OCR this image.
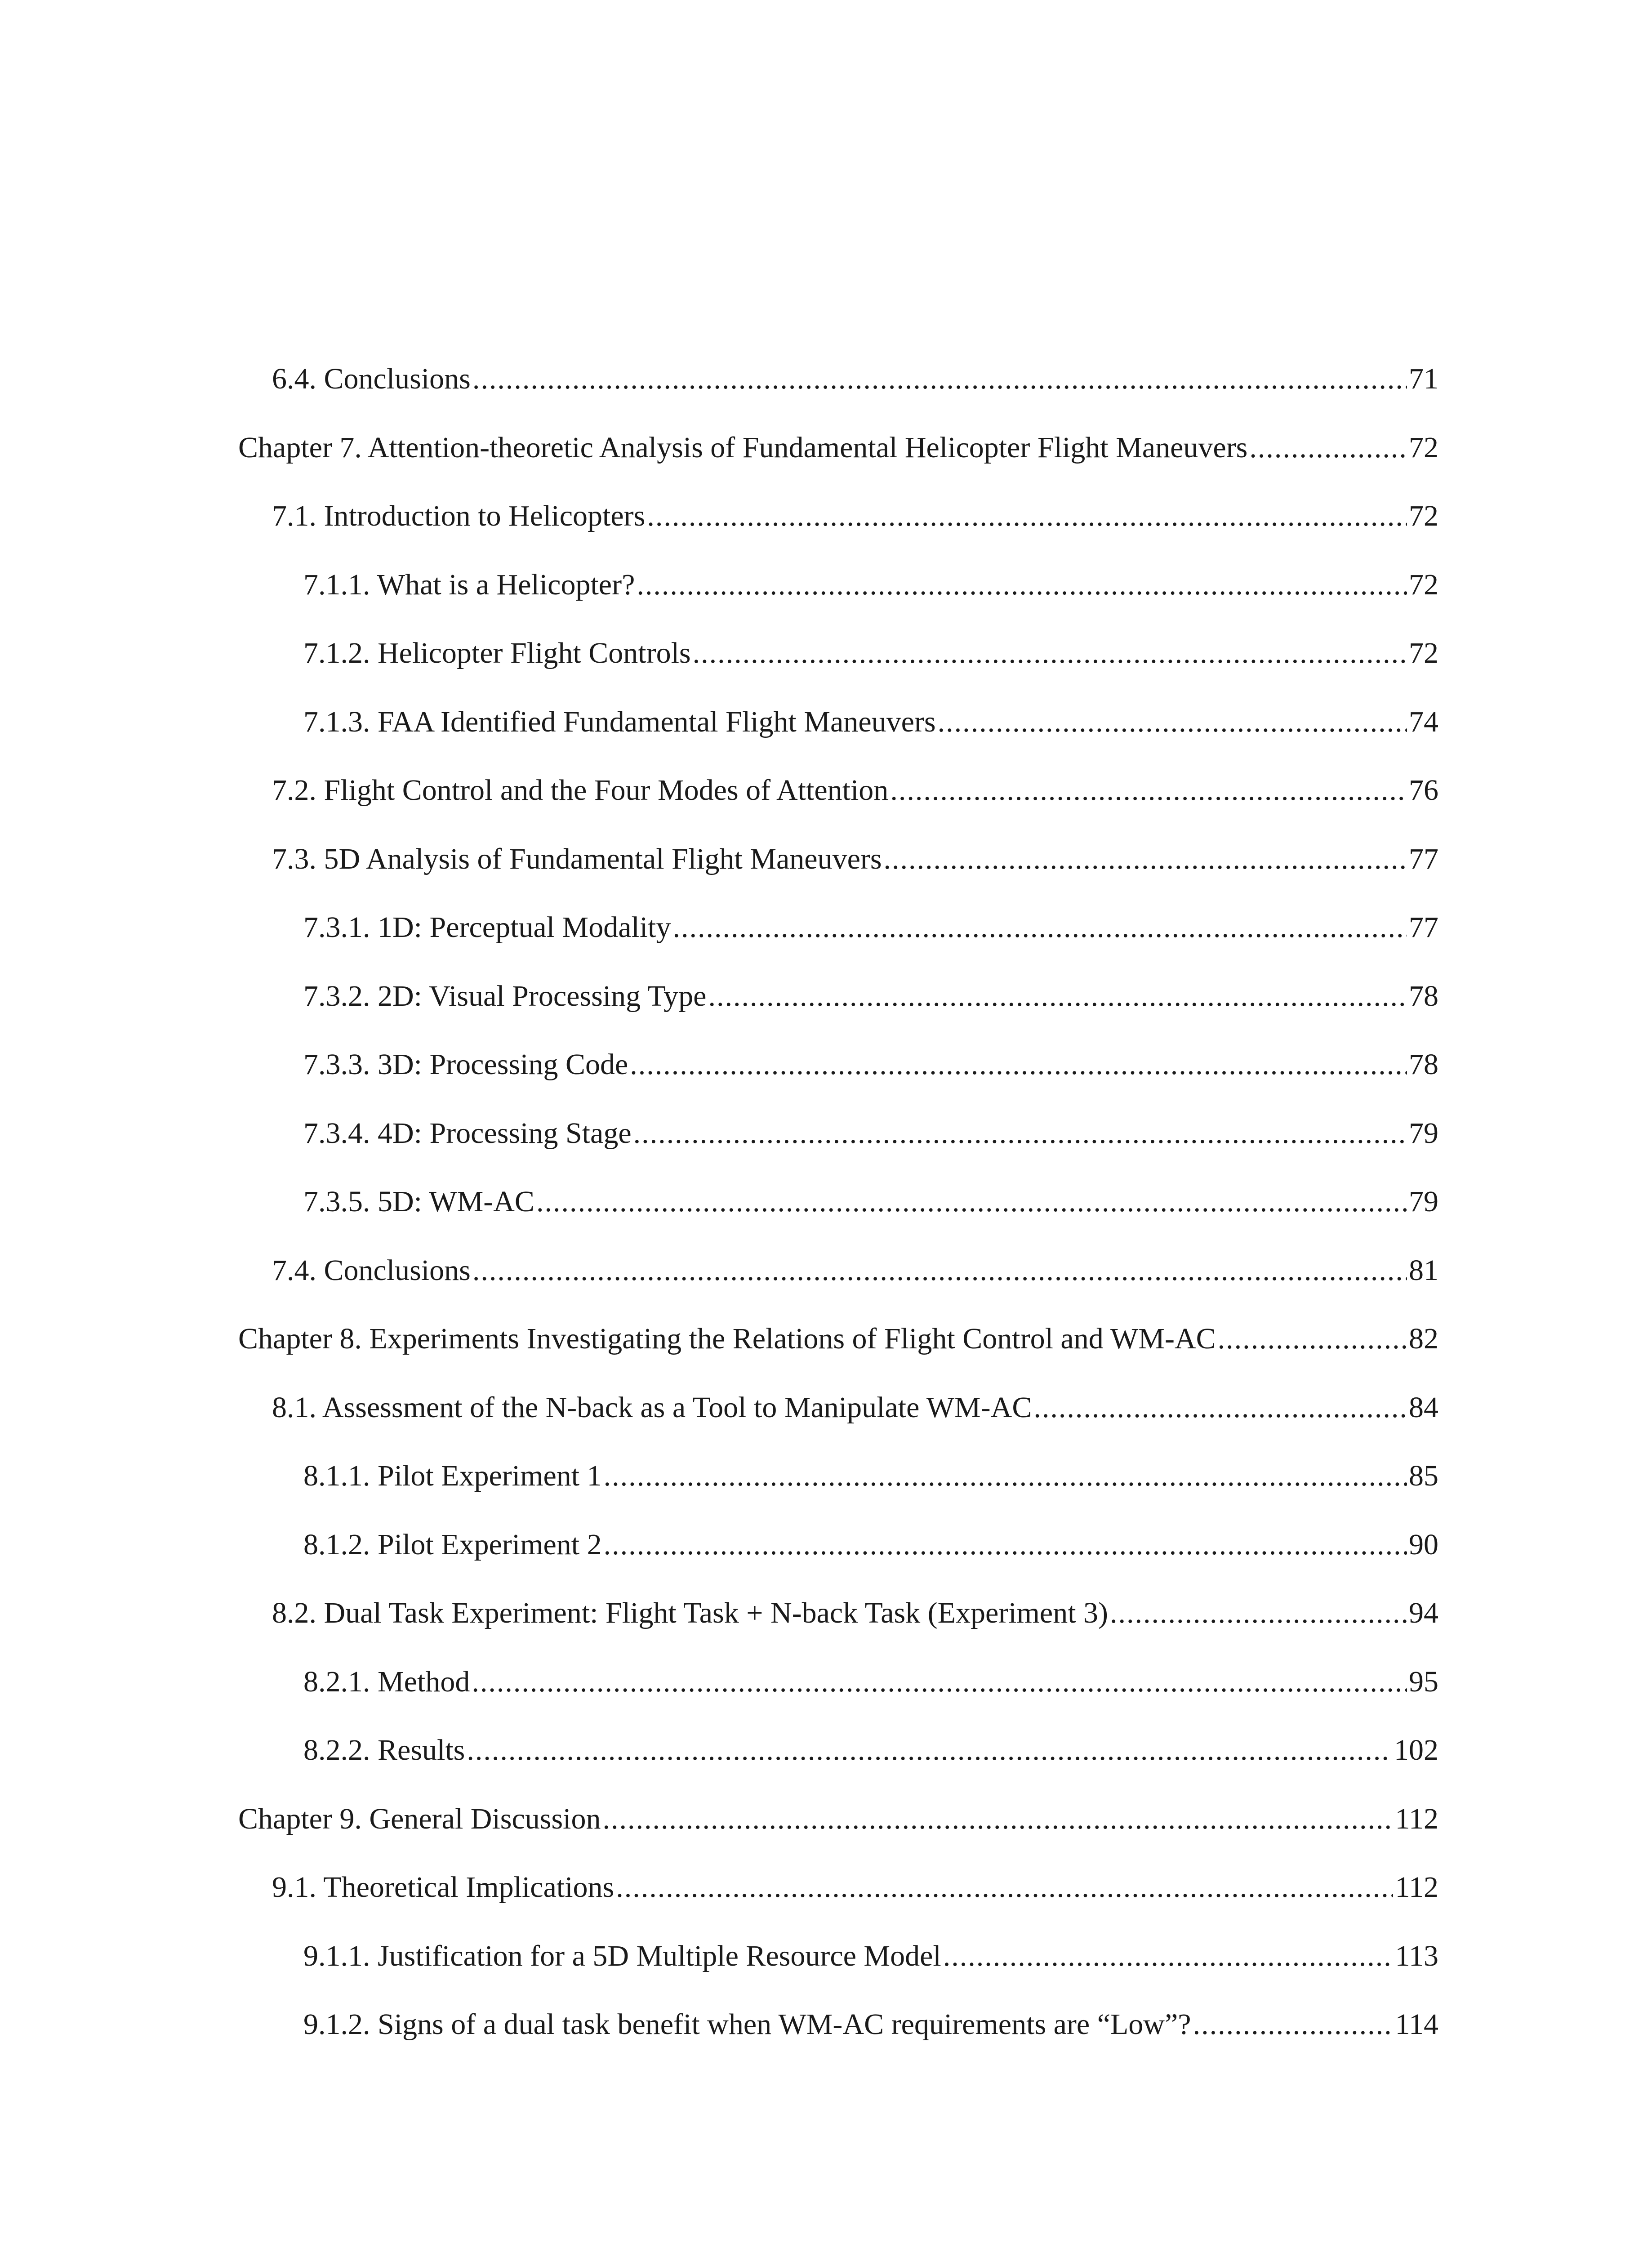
6.4. Conclusions .....	71
Chapter 7. Attention-theoretic Analysis of Fundamental Helicopter Flight Maneuvers .....	72
7.1. Introduction to Helicopters .....	72
7.1.1. What is a Helicopter? .....	72
7.1.2. Helicopter Flight Controls .....	72
7.1.3. FAA Identified Fundamental Flight Maneuvers .....	74
7.2. Flight Control and the Four Modes of Attention .....	76
7.3. 5D Analysis of Fundamental Flight Maneuvers .....	77
7.3.1. 1D: Perceptual Modality .....	77
7.3.2. 2D: Visual Processing Type .....	78
7.3.3. 3D: Processing Code .....	78
7.3.4. 4D: Processing Stage .....	79
7.3.5. 5D: WM-AC .....	79
7.4. Conclusions .....	81
Chapter 8. Experiments Investigating the Relations of Flight Control and WM-AC .....	82
8.1. Assessment of the N-back as a Tool to Manipulate WM-AC .....	84
8.1.1. Pilot Experiment 1 .....	85
8.1.2. Pilot Experiment 2 .....	90
8.2. Dual Task Experiment: Flight Task + N-back Task (Experiment 3) .....	94
8.2.1. Method .....	95
8.2.2. Results .....	102
Chapter 9. General Discussion .....	112
9.1. Theoretical Implications .....	112
9.1.1. Justification for a 5D Multiple Resource Model .....	113
9.1.2. Signs of a dual task benefit when WM-AC requirements are “Low”? .....	114
